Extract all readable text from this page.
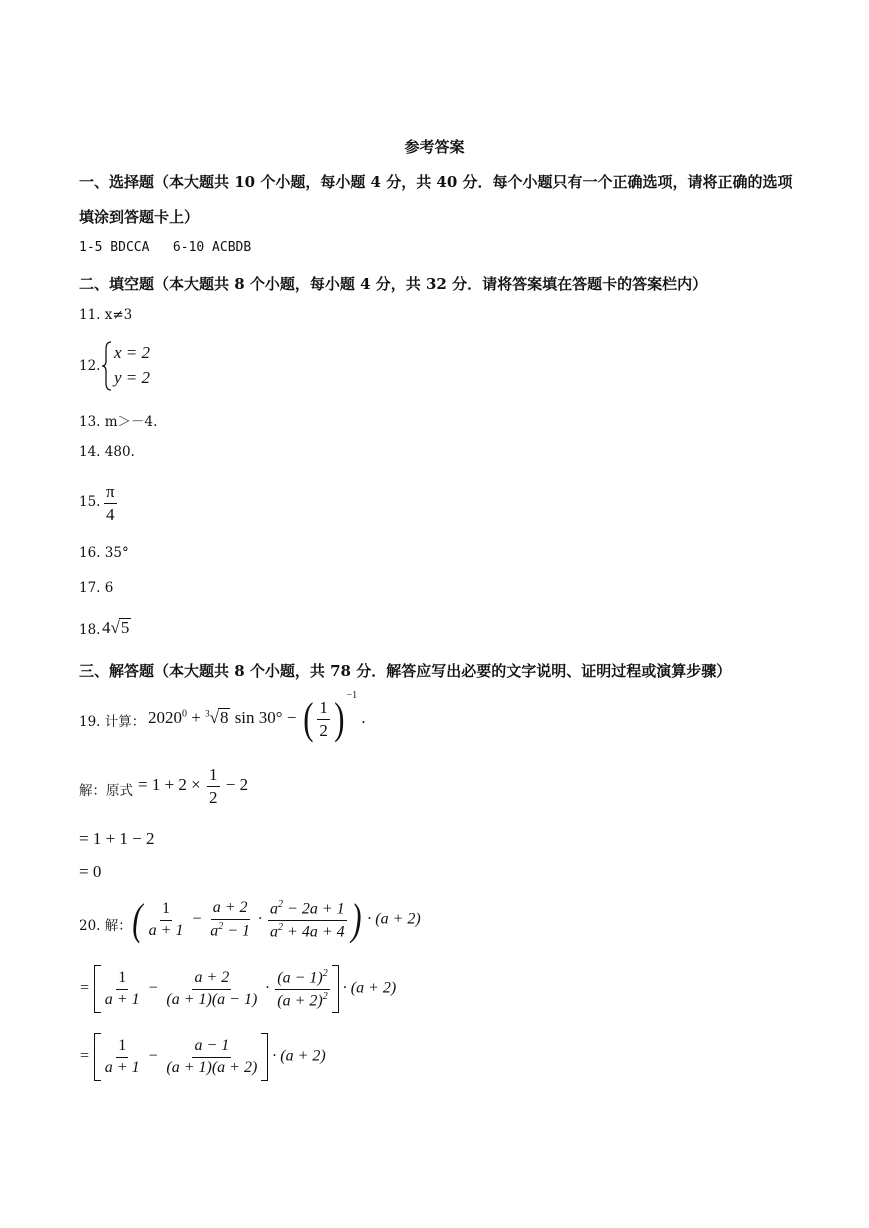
参考答案
一、选择题（本大题共 10 个小题，每小题 4 分，共 40 分．每个小题只有一个正确选项，请将正确的选项
填涂到答题卡上）
1-5 BDCCA   6-10 ACBDB
二、填空题（本大题共 8 个小题，每小题 4 分，共 32 分．请将答案填在答题卡的答案栏内）
11. x≠3
12.
x = 2
y = 2
13. m＞－4.
14. 480.
15. $\frac{\pi}{4}$
16. 35°
17. 6
18. 4√5
三、解答题（本大题共 8 个小题，共 78 分．解答应写出必要的文字说明、证明过程或演算步骤）
19. 计算： $2020^0 + ^3√8$ sin 30° − ( $\frac{1}{2}$ ) $^{-1}$ .
解：原式 = $1 + 2 \times \frac{1}{2} - 2$
= 1 + 1 − 2
= 0
20. 解： ( $\frac{1}{a + 1} - \frac{a + 2}{a^2 - 1} \cdot \frac{a^2 - 2a + 1}{a^2 + 4a + 4}$ ) · (a + 2)
= $\frac{1}{a + 1} - \frac{a + 2}{(a + 1)(a - 1)} \cdot \frac{(a - 1)^2}{(a + 2)^2} \cdot (a + 2)$
= $\frac{1}{a + 1} - \frac{a - 1}{(a + 1)(a + 2)} \cdot (a + 2)$
